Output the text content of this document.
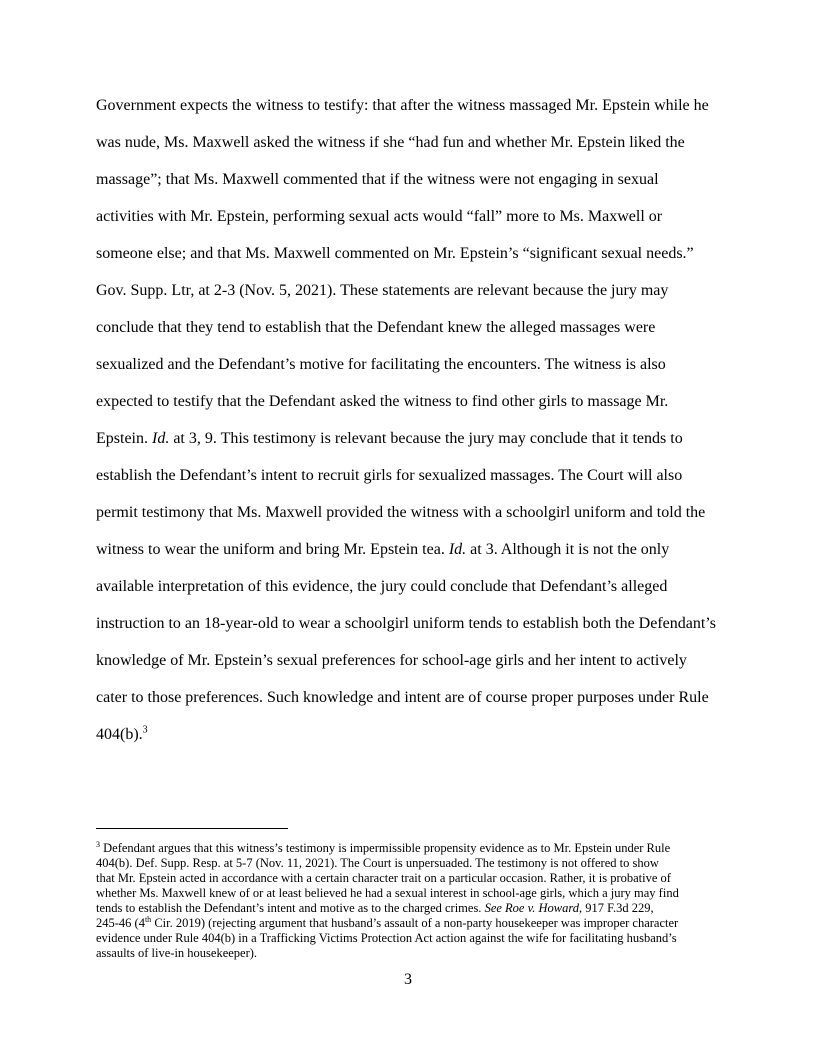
Government expects the witness to testify: that after the witness massaged Mr. Epstein while he
was nude, Ms. Maxwell asked the witness if she “had fun and whether Mr. Epstein liked the
massage”; that Ms. Maxwell commented that if the witness were not engaging in sexual
activities with Mr. Epstein, performing sexual acts would “fall” more to Ms. Maxwell or
someone else; and that Ms. Maxwell commented on Mr. Epstein’s “significant sexual needs.”
Gov. Supp. Ltr, at 2-3 (Nov. 5, 2021). These statements are relevant because the jury may
conclude that they tend to establish that the Defendant knew the alleged massages were
sexualized and the Defendant’s motive for facilitating the encounters. The witness is also
expected to testify that the Defendant asked the witness to find other girls to massage Mr.
Epstein. Id. at 3, 9. This testimony is relevant because the jury may conclude that it tends to
establish the Defendant’s intent to recruit girls for sexualized massages. The Court will also
permit testimony that Ms. Maxwell provided the witness with a schoolgirl uniform and told the
witness to wear the uniform and bring Mr. Epstein tea. Id. at 3. Although it is not the only
available interpretation of this evidence, the jury could conclude that Defendant’s alleged
instruction to an 18-year-old to wear a schoolgirl uniform tends to establish both the Defendant’s
knowledge of Mr. Epstein’s sexual preferences for school-age girls and her intent to actively
cater to those preferences. Such knowledge and intent are of course proper purposes under Rule
404(b).$^3$
$^3$ Defendant argues that this witness’s testimony is impermissible propensity evidence as to Mr. Epstein under Rule
404(b). Def. Supp. Resp. at 5-7 (Nov. 11, 2021). The Court is unpersuaded. The testimony is not offered to show
that Mr. Epstein acted in accordance with a certain character trait on a particular occasion. Rather, it is probative of
whether Ms. Maxwell knew of or at least believed he had a sexual interest in school-age girls, which a jury may find
tends to establish the Defendant’s intent and motive as to the charged crimes. See Roe v. Howard, 917 F.3d 229,
245-46 (4th Cir. 2019) (rejecting argument that husband’s assault of a non-party housekeeper was improper character
evidence under Rule 404(b) in a Trafficking Victims Protection Act action against the wife for facilitating husband’s
assaults of live-in housekeeper).
3
